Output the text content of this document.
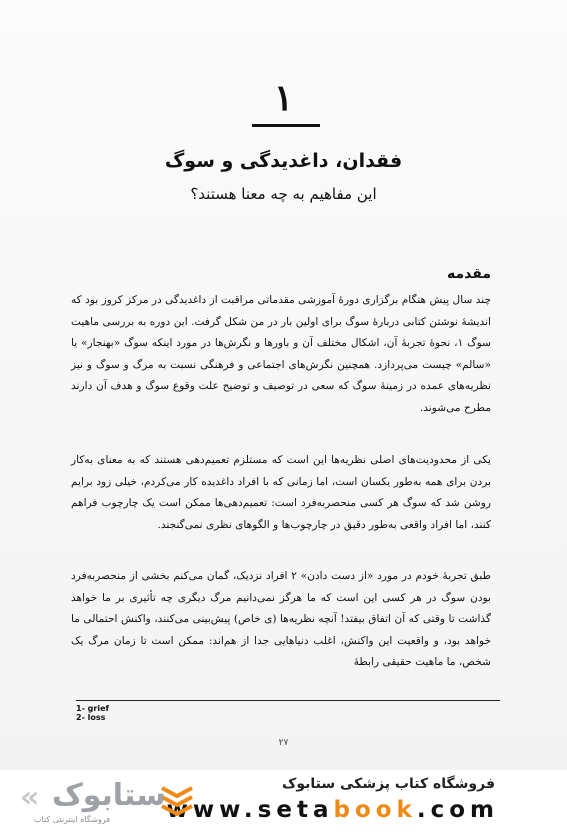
۱
فقدان، داغدیدگی و سوگ
این مفاهیم به چه معنا هستند؟
مقدمه

چند سال پیش هنگام برگزاری دورهٔ آموزشی مقدماتی مراقبت از داغدیدگی در مرکز کروز بود که اندیشهٔ نوشتن کتابی دربارهٔ سوگ برای اولین بار در من شکل گرفت. این دوره به بررسی ماهیت سوگ ۱، نحوهٔ تجربهٔ آن، اشکال مختلف آن و باورها و نگرش‌ها در مورد اینکه سوگ «بهنجار» یا «سالم» چیست می‌پردازد. همچنین نگرش‌های اجتماعی و فرهنگی نسبت به مرگ و سوگ و نیز نظریه‌های عمده در زمینهٔ سوگ که سعی در توصیف و توضیح علت وقوع سوگ و هدف آن دارند مطرح می‌شوند.

یکی از محدودیت‌های اصلی نظریه‌ها این است که مستلزم تعمیم‌دهی هستند که به معنای به‌کار بردن برای همه به‌طور یکسان است، اما زمانی که با افراد داغدیده کار می‌کردم، خیلی زود برایم روشن شد که سوگ هر کسی منحصربه‌فرد است: تعمیم‌دهی‌ها ممکن است یک چارچوب فراهم کنند، اما افراد واقعی به‌طور دقیق در چارچوب‌ها و الگوهای نظری نمی‌گنجند.

طبق تجربهٔ خودم در مورد «از دست دادن» ۲ افراد نزدیک، گمان می‌کنم بخشی از منحصربه‌فرد بودن سوگ در هر کسی این است که ما هرگز نمی‌دانیم مرگ دیگری چه تأثیری بر ما خواهد گذاشت تا وقتی که آن اتفاق بیفتد! آنچه نظریه‌ها (ی خاص) پیش‌بینی می‌کنند، واکنش احتمالی ما خواهد بود، و واقعیت این واکنش، اغلب دنیاهایی جدا از هم‌اند: ممکن است تا زمان مرگ یک شخص، ما ماهیت حقیقی رابطهٔ

1- grief
2- loss
۲۷
فروشگاه کتاب پزشکی ستابوک
www.setabook.com
« ستابوک
فروشگاه اینترنتی کتاب
